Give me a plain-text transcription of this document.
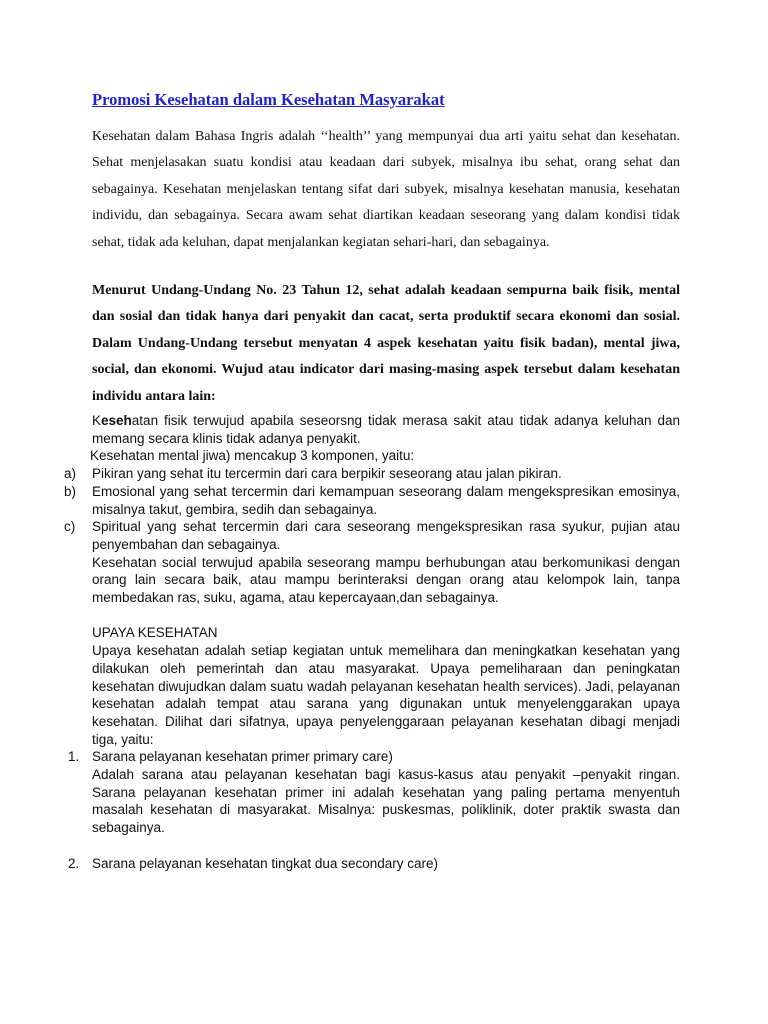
Promosi Kesehatan dalam Kesehatan Masyarakat

Kesehatan dalam Bahasa Ingris adalah ‘‘health’’ yang mempunyai dua arti yaitu sehat dan kesehatan. Sehat menjelasakan suatu kondisi atau keadaan dari subyek, misalnya ibu sehat, orang sehat dan sebagainya. Kesehatan menjelaskan tentang sifat dari subyek, misalnya kesehatan manusia, kesehatan individu, dan sebagainya. Secara awam sehat diartikan keadaan seseorang yang dalam kondisi tidak sehat, tidak ada keluhan, dapat menjalankan kegiatan sehari-hari, dan sebagainya.

Menurut Undang-Undang No. 23 Tahun 12, sehat adalah keadaan sempurna baik fisik, mental dan sosial dan tidak hanya dari penyakit dan cacat, serta produktif secara ekonomi dan sosial. Dalam Undang-Undang tersebut menyatan 4 aspek kesehatan yaitu fisik badan), mental jiwa, social, dan ekonomi. Wujud atau indicator dari masing-masing aspek tersebut dalam kesehatan individu antara lain:

Kesehatan fisik terwujud apabila seseorsng tidak merasa sakit atau tidak adanya keluhan dan memang secara klinis tidak adanya penyakit.

Kesehatan mental jiwa) mencakup 3 komponen, yaitu:

a) Pikiran yang sehat itu tercermin dari cara berpikir seseorang atau jalan pikiran.
b) Emosional yang sehat tercermin dari kemampuan seseorang dalam mengekspresikan emosinya, misalnya takut, gembira, sedih dan sebagainya.
c) Spiritual yang sehat tercermin dari cara seseorang mengekspresikan rasa syukur, pujian atau penyembahan dan sebagainya.

Kesehatan social terwujud apabila seseorang mampu berhubungan atau berkomunikasi dengan orang lain secara baik, atau mampu berinteraksi dengan orang atau kelompok lain, tanpa membedakan ras, suku, agama, atau kepercayaan,dan sebagainya.

UPAYA KESEHATAN

Upaya kesehatan adalah setiap kegiatan untuk memelihara dan meningkatkan kesehatan yang dilakukan oleh pemerintah dan atau masyarakat. Upaya pemeliharaan dan peningkatan kesehatan diwujudkan dalam suatu wadah pelayanan kesehatan health services). Jadi, pelayanan kesehatan adalah tempat atau sarana yang digunakan untuk menyelenggarakan upaya kesehatan. Dilihat dari sifatnya, upaya penyelenggaraan pelayanan kesehatan dibagi menjadi tiga, yaitu:

1. Sarana pelayanan kesehatan primer primary care)

Adalah sarana atau pelayanan kesehatan bagi kasus-kasus atau penyakit –penyakit ringan. Sarana pelayanan kesehatan primer ini adalah kesehatan yang paling pertama menyentuh masalah kesehatan di masyarakat. Misalnya: puskesmas, poliklinik, doter praktik swasta dan sebagainya.

2. Sarana pelayanan kesehatan tingkat dua secondary care)
